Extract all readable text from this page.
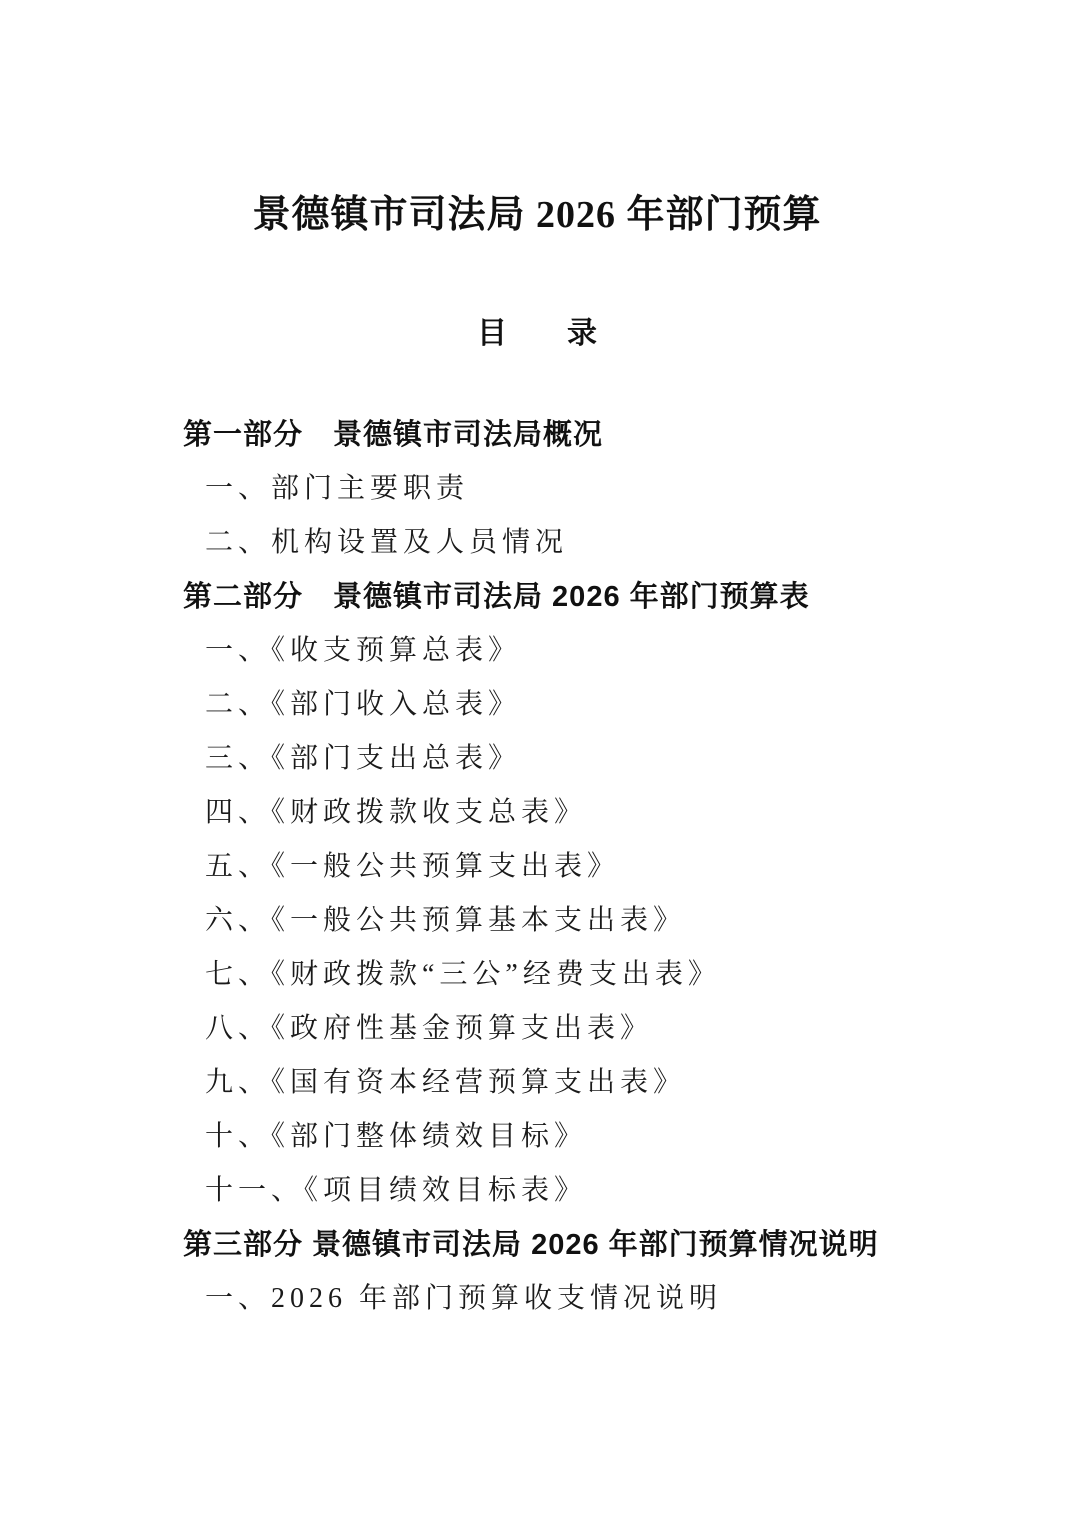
景德镇市司法局 2026 年部门预算
目　　录
第一部分　景德镇市司法局概况
一、部门主要职责
二、机构设置及人员情况
第二部分　景德镇市司法局 2026 年部门预算表
一、《收支预算总表》
二、《部门收入总表》
三、《部门支出总表》
四、《财政拨款收支总表》
五、《一般公共预算支出表》
六、《一般公共预算基本支出表》
七、《财政拨款“三公”经费支出表》
八、《政府性基金预算支出表》
九、《国有资本经营预算支出表》
十、《部门整体绩效目标》
十一、《项目绩效目标表》
第三部分 景德镇市司法局 2026 年部门预算情况说明
一、2026 年部门预算收支情况说明
